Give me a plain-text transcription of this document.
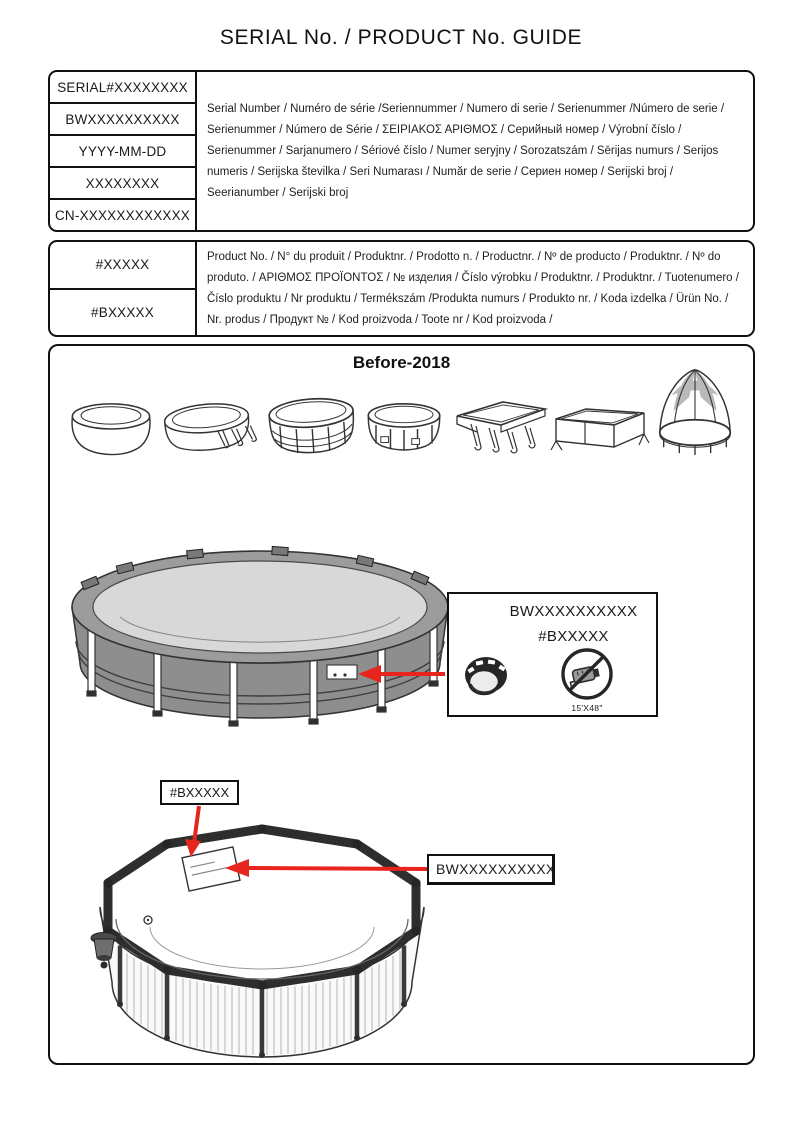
SERIAL No. / PRODUCT No. GUIDE
SERIAL#XXXXXXXX
BWXXXXXXXXXX
YYYY-MM-DD
XXXXXXXX
CN-XXXXXXXXXXXX

Serial Number / Numéro de série /Seriennummer / Numero di serie / Serienummer /Número de serie / Serienummer / Número de Série / ΣΕΙΡΙΑΚΟΣ ΑΡΙΘΜΟΣ / Серийный номер / Výrobní číslo / Serienummer / Sarjanumero / Sériové číslo / Numer seryjny / Sorozatszám / Sērijas numurs / Serijos numeris / Serijska številka / Seri Numarası / Număr de serie / Сериен номер / Serijski broj / Seerianumber / Serijski broj

#XXXXX
#BXXXXX

Product No. / N° du produit / Produktnr. / Prodotto n. / Productnr. / Nº de producto / Produktnr. / Nº do produto. / ΑΡΙΘΜΟΣ ΠΡΟΪΟΝΤΟΣ / № изделия / Číslo výrobku / Produktnr. / Produktnr. / Tuotenumero / Číslo produktu / Nr produktu / Termékszám /Produkta numurs / Produkto nr. / Koda izdelka / Ürün No. / Nr. produs / Продукт № / Kod proizvoda / Toote nr / Kod proizvoda /

Before-2018
BWXXXXXXXXXX
#BXXXXX
15'X48"
#BXXXXX
BWXXXXXXXXXX
